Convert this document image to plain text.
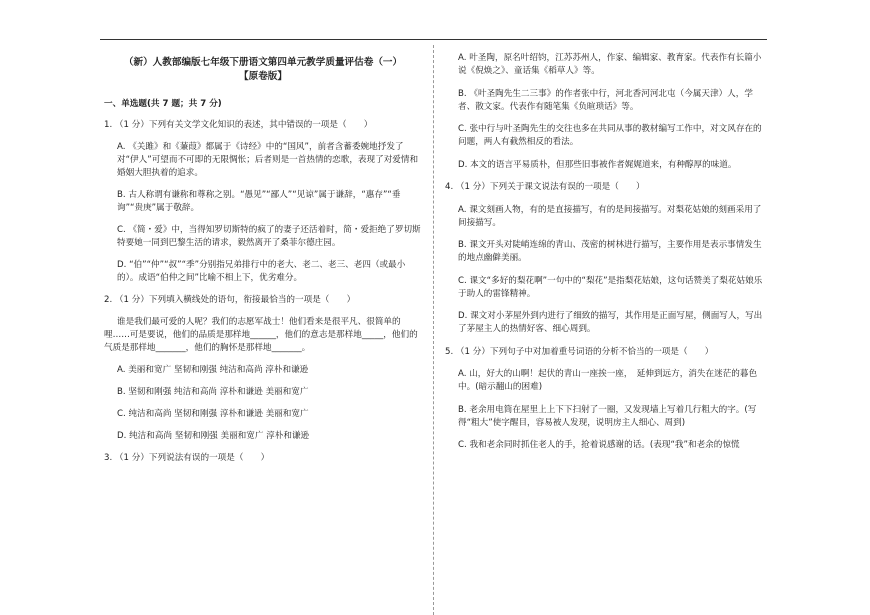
（新）人教部编版七年级下册语文第四单元教学质量评估卷（一）
【原卷版】
一、单选题(共 7 题；共 7 分)
1. （1 分）下列有关文学文化知识的表述，其中错误的一项是（　　）
A. 《关雎》和《蒹葭》都属于《诗经》中的“国风”，前者含蓄委婉地抒发了对“伊人”可望而不可即的无限惆怅；后者则是一首热情的恋歌，表现了对爱情和婚姻大胆执着的追求。
B. 古人称谓有谦称和尊称之别。“愚见”“鄙人”“见谅”属于谦辞，“惠存”“垂询”“贵庚”属于敬辞。
C. 《简・爱》中，当得知罗切斯特的疯了的妻子还活着时，简・爱拒绝了罗切斯特要她一同到巴黎生活的请求，毅然离开了桑菲尔德庄园。
D. “伯”“仲”“叔”“季”分别指兄弟排行中的老大、老二、老三、老四（或最小的）。成语“伯仲之间”比喻不相上下，优劣难分。
2. （1 分）下列填入横线处的语句，衔接最恰当的一项是（　　）
谁是我们最可爱的人呢？我们的志愿军战士！他们看来是很平凡、很简单的哩……可是要说，他们的品质是那样地______，他们的意志是那样地_____，他们的气质是那样地_______，他们的胸怀是那样地_______。
A. 美丽和宽广 坚韧和刚强 纯洁和高尚 淳朴和谦逊
B. 坚韧和刚强 纯洁和高尚 淳朴和谦逊 美丽和宽广
C. 纯洁和高尚 坚韧和刚强 淳朴和谦逊 美丽和宽广
D. 纯洁和高尚 坚韧和刚强 美丽和宽广 淳朴和谦逊
3. （1 分）下列说法有误的一项是（　　）
A. 叶圣陶，原名叶绍钧，江苏苏州人，作家、编辑家、教育家。代表作有长篇小说《倪焕之》、童话集《稻草人》等。
B. 《叶圣陶先生二三事》的作者张中行，河北香河河北屯（今属天津）人，学者、散文家。代表作有随笔集《负暄琐话》等。
C. 张中行与叶圣陶先生的交往也多在共同从事的教材编写工作中，对文风存在的问题，两人有截然相反的看法。
D. 本文的语言平易质朴，但那些旧事被作者娓娓道来，有种醇厚的味道。
4. （1 分）下列关于课文说法有误的一项是（　　）
A. 课文刻画人物，有的是直接描写，有的是间接描写。对梨花姑娘的刻画采用了间接描写。
B. 课文开头对陡峭连绵的青山、茂密的树林进行描写，主要作用是表示事情发生的地点幽僻美丽。
C. 课文“多好的梨花啊”一句中的“梨花”是指梨花姑娘，这句话赞美了梨花姑娘乐于助人的雷锋精神。
D. 课文对小茅屋外到内进行了细致的描写，其作用是正面写屋，侧面写人，写出了茅屋主人的热情好客、细心周到。
5. （1 分）下列句子中对加着重号词语的分析不恰当的一项是（　　）
A. 山，好大的山啊！起伏的青山一座挨一座，　延伸到远方，消失在迷茫的暮色中。(暗示翻山的困难)
B. 老余用电筒在屋里上上下下扫射了一圈，又发现墙上写着几行粗大的字。(写得“粗大”使字醒目，容易被人发现，说明房主人细心、周到)
C. 我和老余同时抓住老人的手，抢着说感谢的话。(表现“我”和老余的惊慌
